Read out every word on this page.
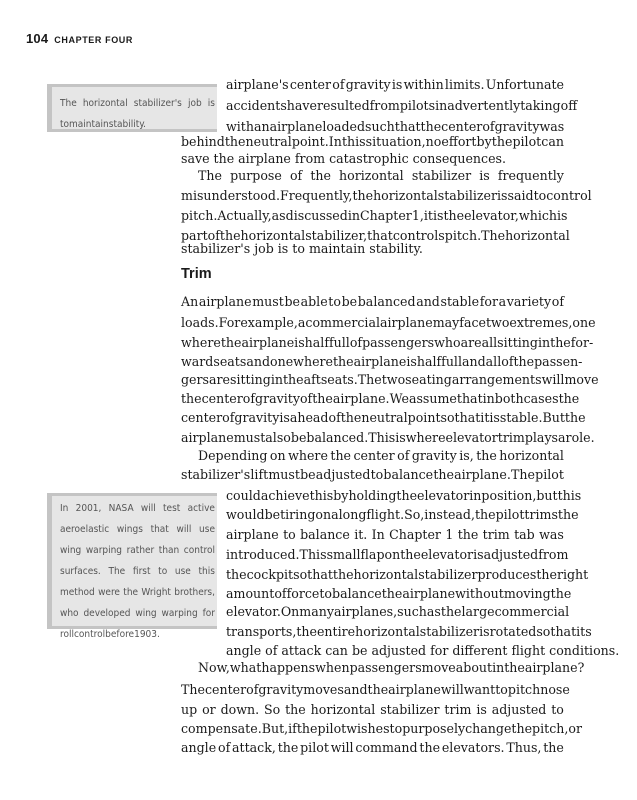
104 CHAPTER FOUR
The horizontal stabilizer's job is
to maintain stability.
In 2001, NASA will test active
aeroelastic wings that will use
wing warping rather than control
surfaces. The first to use this
method were the Wright brothers,
who developed wing warping for
roll control before 1903.
Trim
airplane's center of gravity is within limits. Unfortunate
accidents have resulted from pilots inadvertently taking off
with an airplane loaded such that the center of gravity was
behind the neutral point. In this situation, no effort by the pilot can
save the airplane from catastrophic consequences.
The purpose of the horizontal stabilizer is frequently
misunderstood. Frequently, the horizontal stabilizer is said to control
pitch. Actually, as discussed in Chapter 1, it is the elevator, which is
part of the horizontal stabilizer, that controls pitch. The horizontal
stabilizer's job is to maintain stability.
An airplane must be able to be balanced and stable for a variety of
loads. For example, a commercial airplane may face two extremes, one
where the airplane is half full of passengers who are all sitting in the for-
ward seats and one where the airplane is half full and all of the passen-
gers are sitting in the aft seats. The two seating arrangements will move
the center of gravity of the airplane. We assume that in both cases the
center of gravity is ahead of the neutral point so that it is stable. But the
airplane must also be balanced. This is where elevator trim plays a role.
Depending on where the center of gravity is, the horizontal
stabilizer's lift must be adjusted to balance the airplane. The pilot
could achieve this by holding the elevator in position, but this
would be tiring on a long flight. So, instead, the pilot trims the
airplane to balance it. In Chapter 1 the trim tab was
introduced. This small flap on the elevator is adjusted from
the cockpit so that the horizontal stabilizer produces the right
amount of force to balance the airplane without moving the
elevator. On many airplanes, such as the large commercial
transports, the entire horizontal stabilizer is rotated so that its
angle of attack can be adjusted for different flight conditions.
Now, what happens when passengers move about in the airplane?
The center of gravity moves and the airplane will want to pitch nose
up or down. So the horizontal stabilizer trim is adjusted to
compensate. But, if the pilot wishes to purposely change the pitch, or
angle of attack, the pilot will command the elevators. Thus, the
